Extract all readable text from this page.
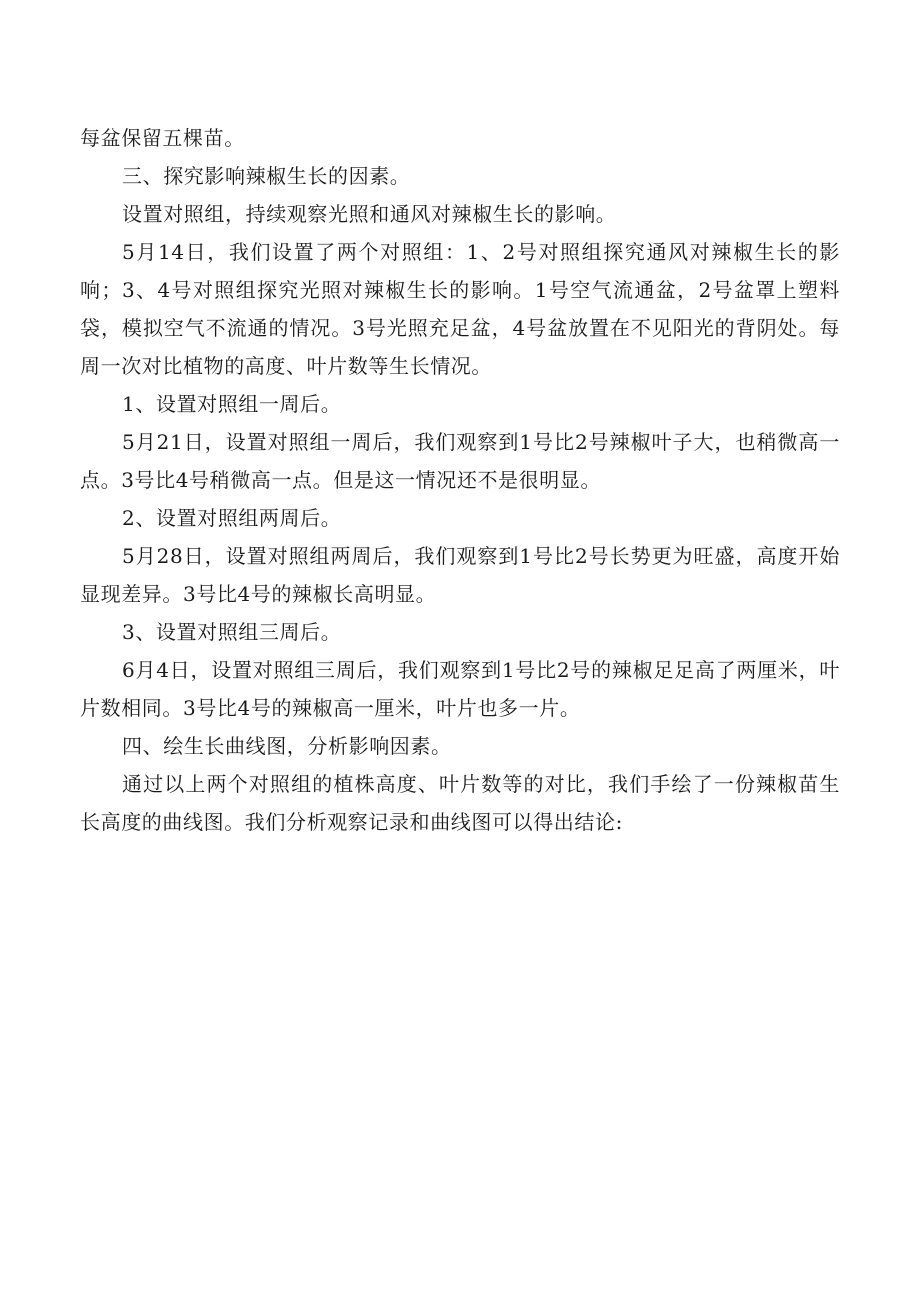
每盆保留五棵苗。

三、探究影响辣椒生长的因素。

设置对照组，持续观察光照和通风对辣椒生长的影响。

5月14日，我们设置了两个对照组：1、2号对照组探究通风对辣椒生长的影响；3、4号对照组探究光照对辣椒生长的影响。1号空气流通盆，2号盆罩上塑料袋，模拟空气不流通的情况。3号光照充足盆，4号盆放置在不见阳光的背阴处。每周一次对比植物的高度、叶片数等生长情况。

1、设置对照组一周后。

5月21日，设置对照组一周后，我们观察到1号比2号辣椒叶子大，也稍微高一点。3号比4号稍微高一点。但是这一情况还不是很明显。

2、设置对照组两周后。

5月28日，设置对照组两周后，我们观察到1号比2号长势更为旺盛，高度开始显现差异。3号比4号的辣椒长高明显。

3、设置对照组三周后。

6月4日，设置对照组三周后，我们观察到1号比2号的辣椒足足高了两厘米，叶片数相同。3号比4号的辣椒高一厘米，叶片也多一片。

四、绘生长曲线图，分析影响因素。

通过以上两个对照组的植株高度、叶片数等的对比，我们手绘了一份辣椒苗生长高度的曲线图。我们分析观察记录和曲线图可以得出结论:
